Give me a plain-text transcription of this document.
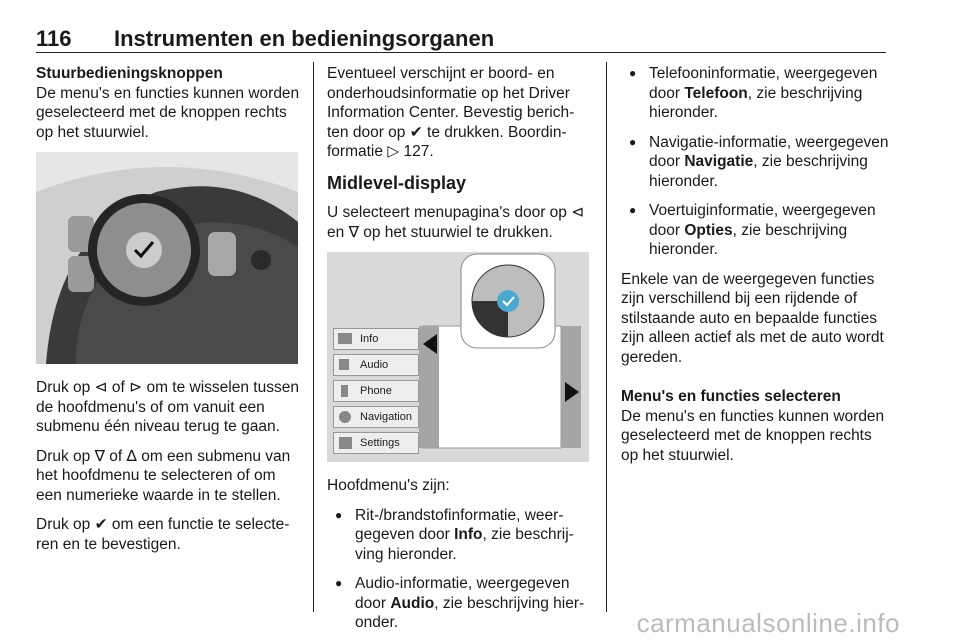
116 Instrumenten en bedieningsorganen
Stuurbedieningsknoppen

De menu's en functies kunnen worden geselecteerd met de knoppen rechts op het stuurwiel.

Druk op ⊲ of ⊳ om te wisselen tussen de hoofdmenu's of om vanuit een submenu één niveau terug te gaan.

Druk op ∇ of ∆ om een submenu van het hoofdmenu te selecteren of om een numerieke waarde in te stellen.

Druk op ✔ om een functie te selecteren en te bevestigen.

Eventueel verschijnt er boord- en onderhoudsinformatie op het Driver Information Center. Bevestig berichten door op ✔ te drukken. Boordinformatie ▷ 127.

Midlevel-display

U selecteert menupagina's door op ⊲ en ∇ op het stuurwiel te drukken.

Info
Audio
Phone
Navigation
Settings

Hoofdmenu's zijn:

● Rit-/brandstofinformatie, weergegeven door Info, zie beschrijving hieronder.
● Audio-informatie, weergegeven door Audio, zie beschrijving hieronder.
● Telefooninformatie, weergegeven door Telefoon, zie beschrijving hieronder.
● Navigatie-informatie, weergegeven door Navigatie, zie beschrijving hieronder.
● Voertuiginformatie, weergegeven door Opties, zie beschrijving hieronder.

Enkele van de weergegeven functies zijn verschillend bij een rijdende of stilstaande auto en bepaalde functies zijn alleen actief als met de auto wordt gereden.

Menu's en functies selecteren

De menu's en functies kunnen worden geselecteerd met de knoppen rechts op het stuurwiel.

carmanualsonline.info
